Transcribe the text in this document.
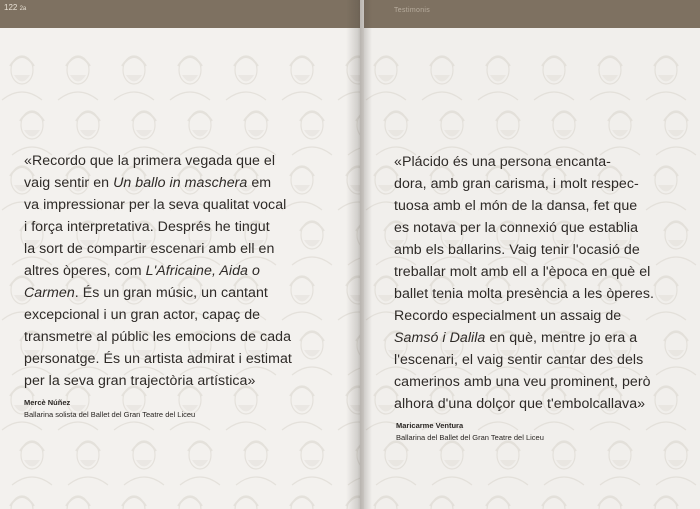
122 2a
«Recordo que la primera vegada que el
vaig sentir en Un ballo in maschera em
va impressionar per la seva qualitat vocal
i força interpretativa. Després he tingut
la sort de compartir escenari amb ell en
altres òperes, com L'Africaine, Aida o
Carmen. És un gran músic, un cantant
excepcional i un gran actor, capaç de
transmetre al públic les emocions de cada
personatge. És un artista admirat i estimat
per la seva gran trajectòria artística»
Mercè Núñez
Ballarina solista del Ballet del Gran Teatre del Liceu
Testimonis
«Plácido és una persona encanta-
dora, amb gran carisma, i molt respec-
tuosa amb el món de la dansa, fet que
es notava per la connexió que establia
amb els ballarins. Vaig tenir l'ocasió de
treballar molt amb ell a l'època en què el
ballet tenia molta presència a les òperes.
Recordo especialment un assaig de
Samsó i Dalila en què, mentre jo era a
l'escenari, el vaig sentir cantar des dels
camerinos amb una veu prominent, però
alhora d'una dolçor que t'embolcallava»
Maricarme Ventura
Ballarina del Ballet del Gran Teatre del Liceu
